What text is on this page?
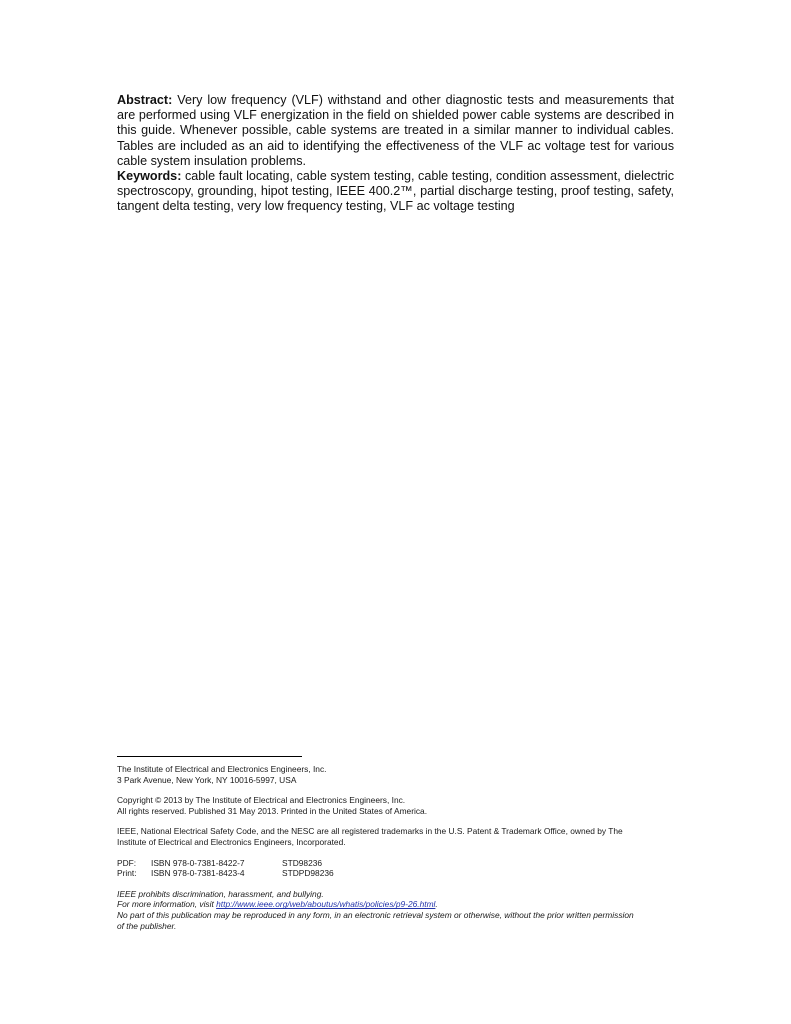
Abstract: Very low frequency (VLF) withstand and other diagnostic tests and measurements that are performed using VLF energization in the field on shielded power cable systems are described in this guide. Whenever possible, cable systems are treated in a similar manner to individual cables. Tables are included as an aid to identifying the effectiveness of the VLF ac voltage test for various cable system insulation problems.

Keywords: cable fault locating, cable system testing, cable testing, condition assessment, dielectric spectroscopy, grounding, hipot testing, IEEE 400.2™, partial discharge testing, proof testing, safety, tangent delta testing, very low frequency testing, VLF ac voltage testing

The Institute of Electrical and Electronics Engineers, Inc.
3 Park Avenue, New York, NY 10016-5997, USA

Copyright © 2013 by The Institute of Electrical and Electronics Engineers, Inc.
All rights reserved. Published 31 May 2013. Printed in the United States of America.

IEEE, National Electrical Safety Code, and the NESC are all registered trademarks in the U.S. Patent & Trademark Office, owned by The
Institute of Electrical and Electronics Engineers, Incorporated.

PDF:	ISBN 978-0-7381-8422-7	STD98236
Print:	ISBN 978-0-7381-8423-4	STDPD98236

IEEE prohibits discrimination, harassment, and bullying.
For more information, visit http://www.ieee.org/web/aboutus/whatis/policies/p9-26.html.
No part of this publication may be reproduced in any form, in an electronic retrieval system or otherwise, without the prior written permission
of the publisher.
